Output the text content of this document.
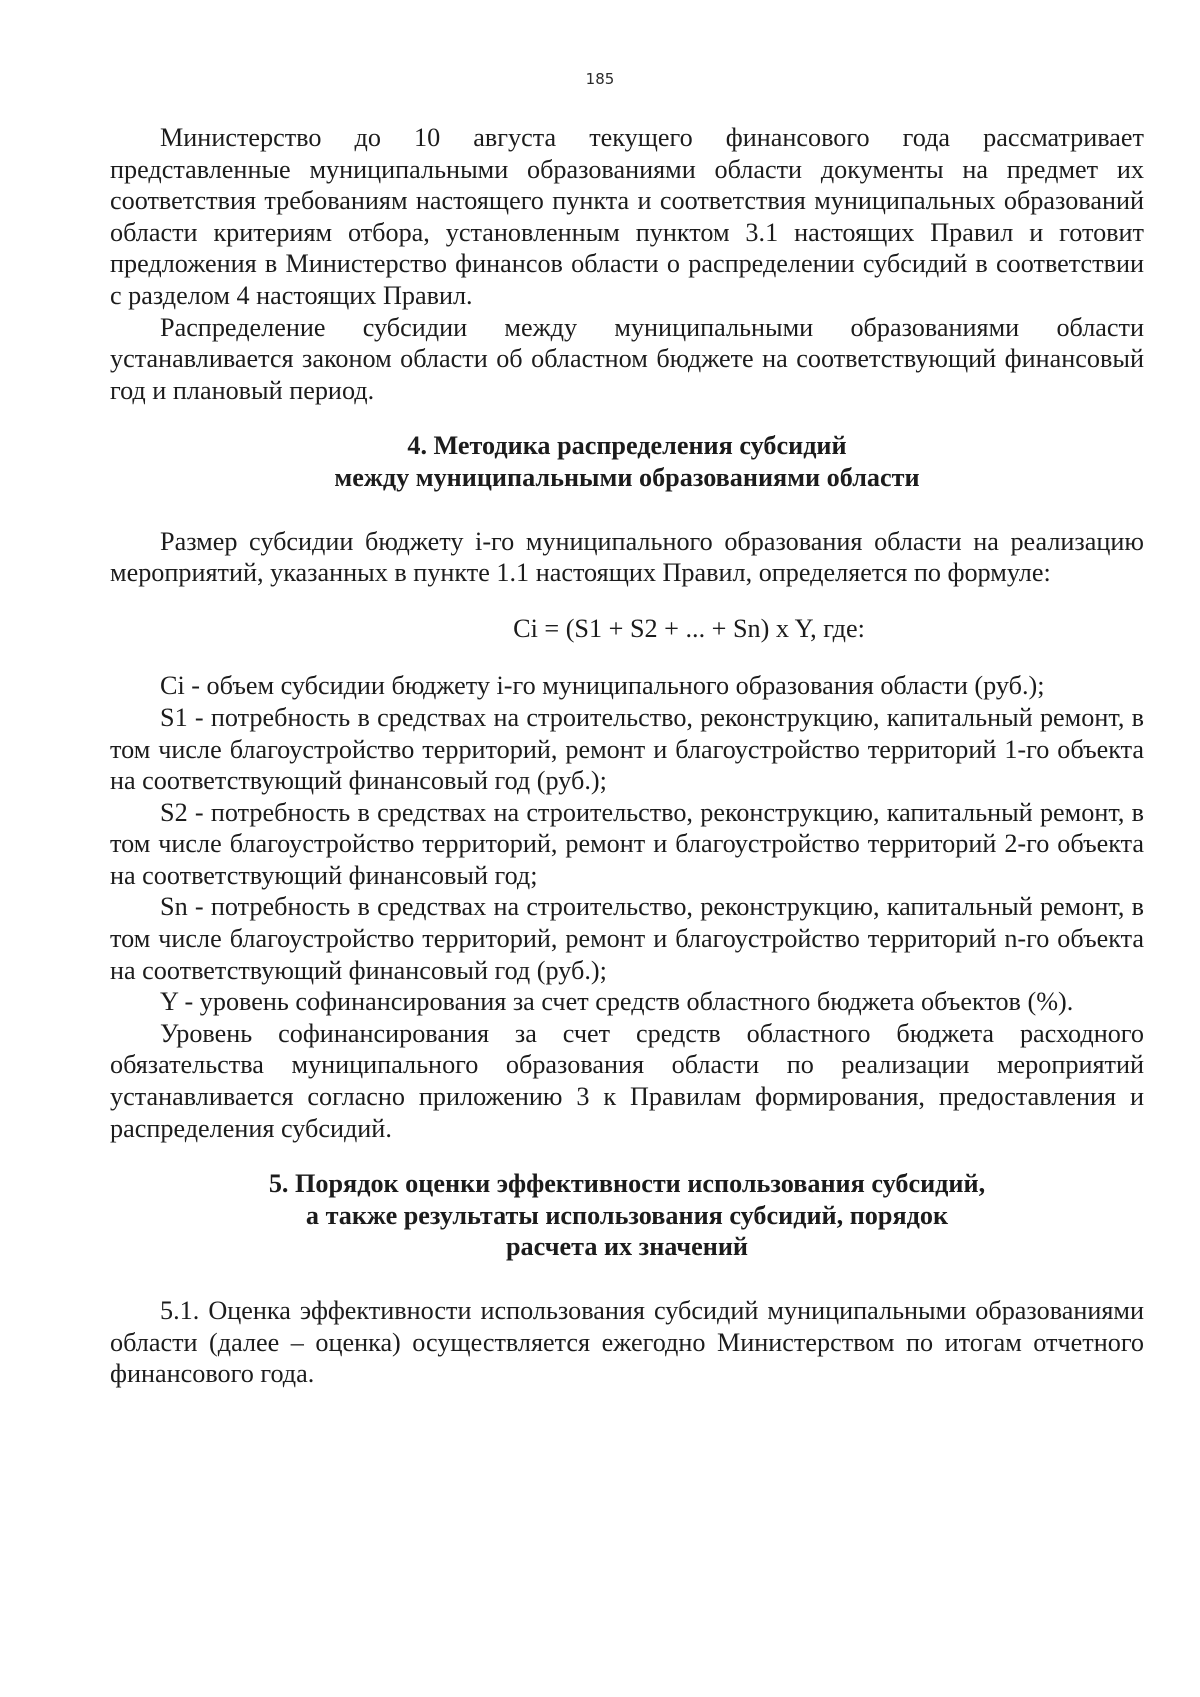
185

Министерство до 10 августа текущего финансового года рассматривает представленные муниципальными образованиями области документы на предмет их соответствия требованиям настоящего пункта и соответствия муниципальных образований области критериям отбора, установленным пунктом 3.1 настоящих Правил и готовит предложения в Министерство финансов области о распределении субсидий в соответствии с разделом 4 настоящих Правил.

Распределение субсидии между муниципальными образованиями области устанавливается законом области об областном бюджете на соответствующий финансовый год и плановый период.

4. Методика распределения субсидий
между муниципальными образованиями области

Размер субсидии бюджету i-го муниципального образования области на реализацию мероприятий, указанных в пункте 1.1 настоящих Правил, определяется по формуле:

Ci = (S1 + S2 + ... + Sn) x Y, где:

Ci - объем субсидии бюджету i-го муниципального образования области (руб.);

S1 - потребность в средствах на строительство, реконструкцию, капитальный ремонт, в том числе благоустройство территорий, ремонт и благоустройство территорий 1-го объекта на соответствующий финансовый год (руб.);

S2 - потребность в средствах на строительство, реконструкцию, капитальный ремонт, в том числе благоустройство территорий, ремонт и благоустройство территорий 2-го объекта на соответствующий финансовый год;

Sn - потребность в средствах на строительство, реконструкцию, капитальный ремонт, в том числе благоустройство территорий, ремонт и благоустройство территорий n-го объекта на соответствующий финансовый год (руб.);

Y - уровень софинансирования за счет средств областного бюджета объектов (%).

Уровень софинансирования за счет средств областного бюджета расходного обязательства муниципального образования области по реализации мероприятий устанавливается согласно приложению 3 к Правилам формирования, предоставления и распределения субсидий.

5. Порядок оценки эффективности использования субсидий,
а также результаты использования субсидий, порядок
расчета их значений

5.1. Оценка эффективности использования субсидий муниципальными образованиями области (далее – оценка) осуществляется ежегодно Министерством по итогам отчетного финансового года.
